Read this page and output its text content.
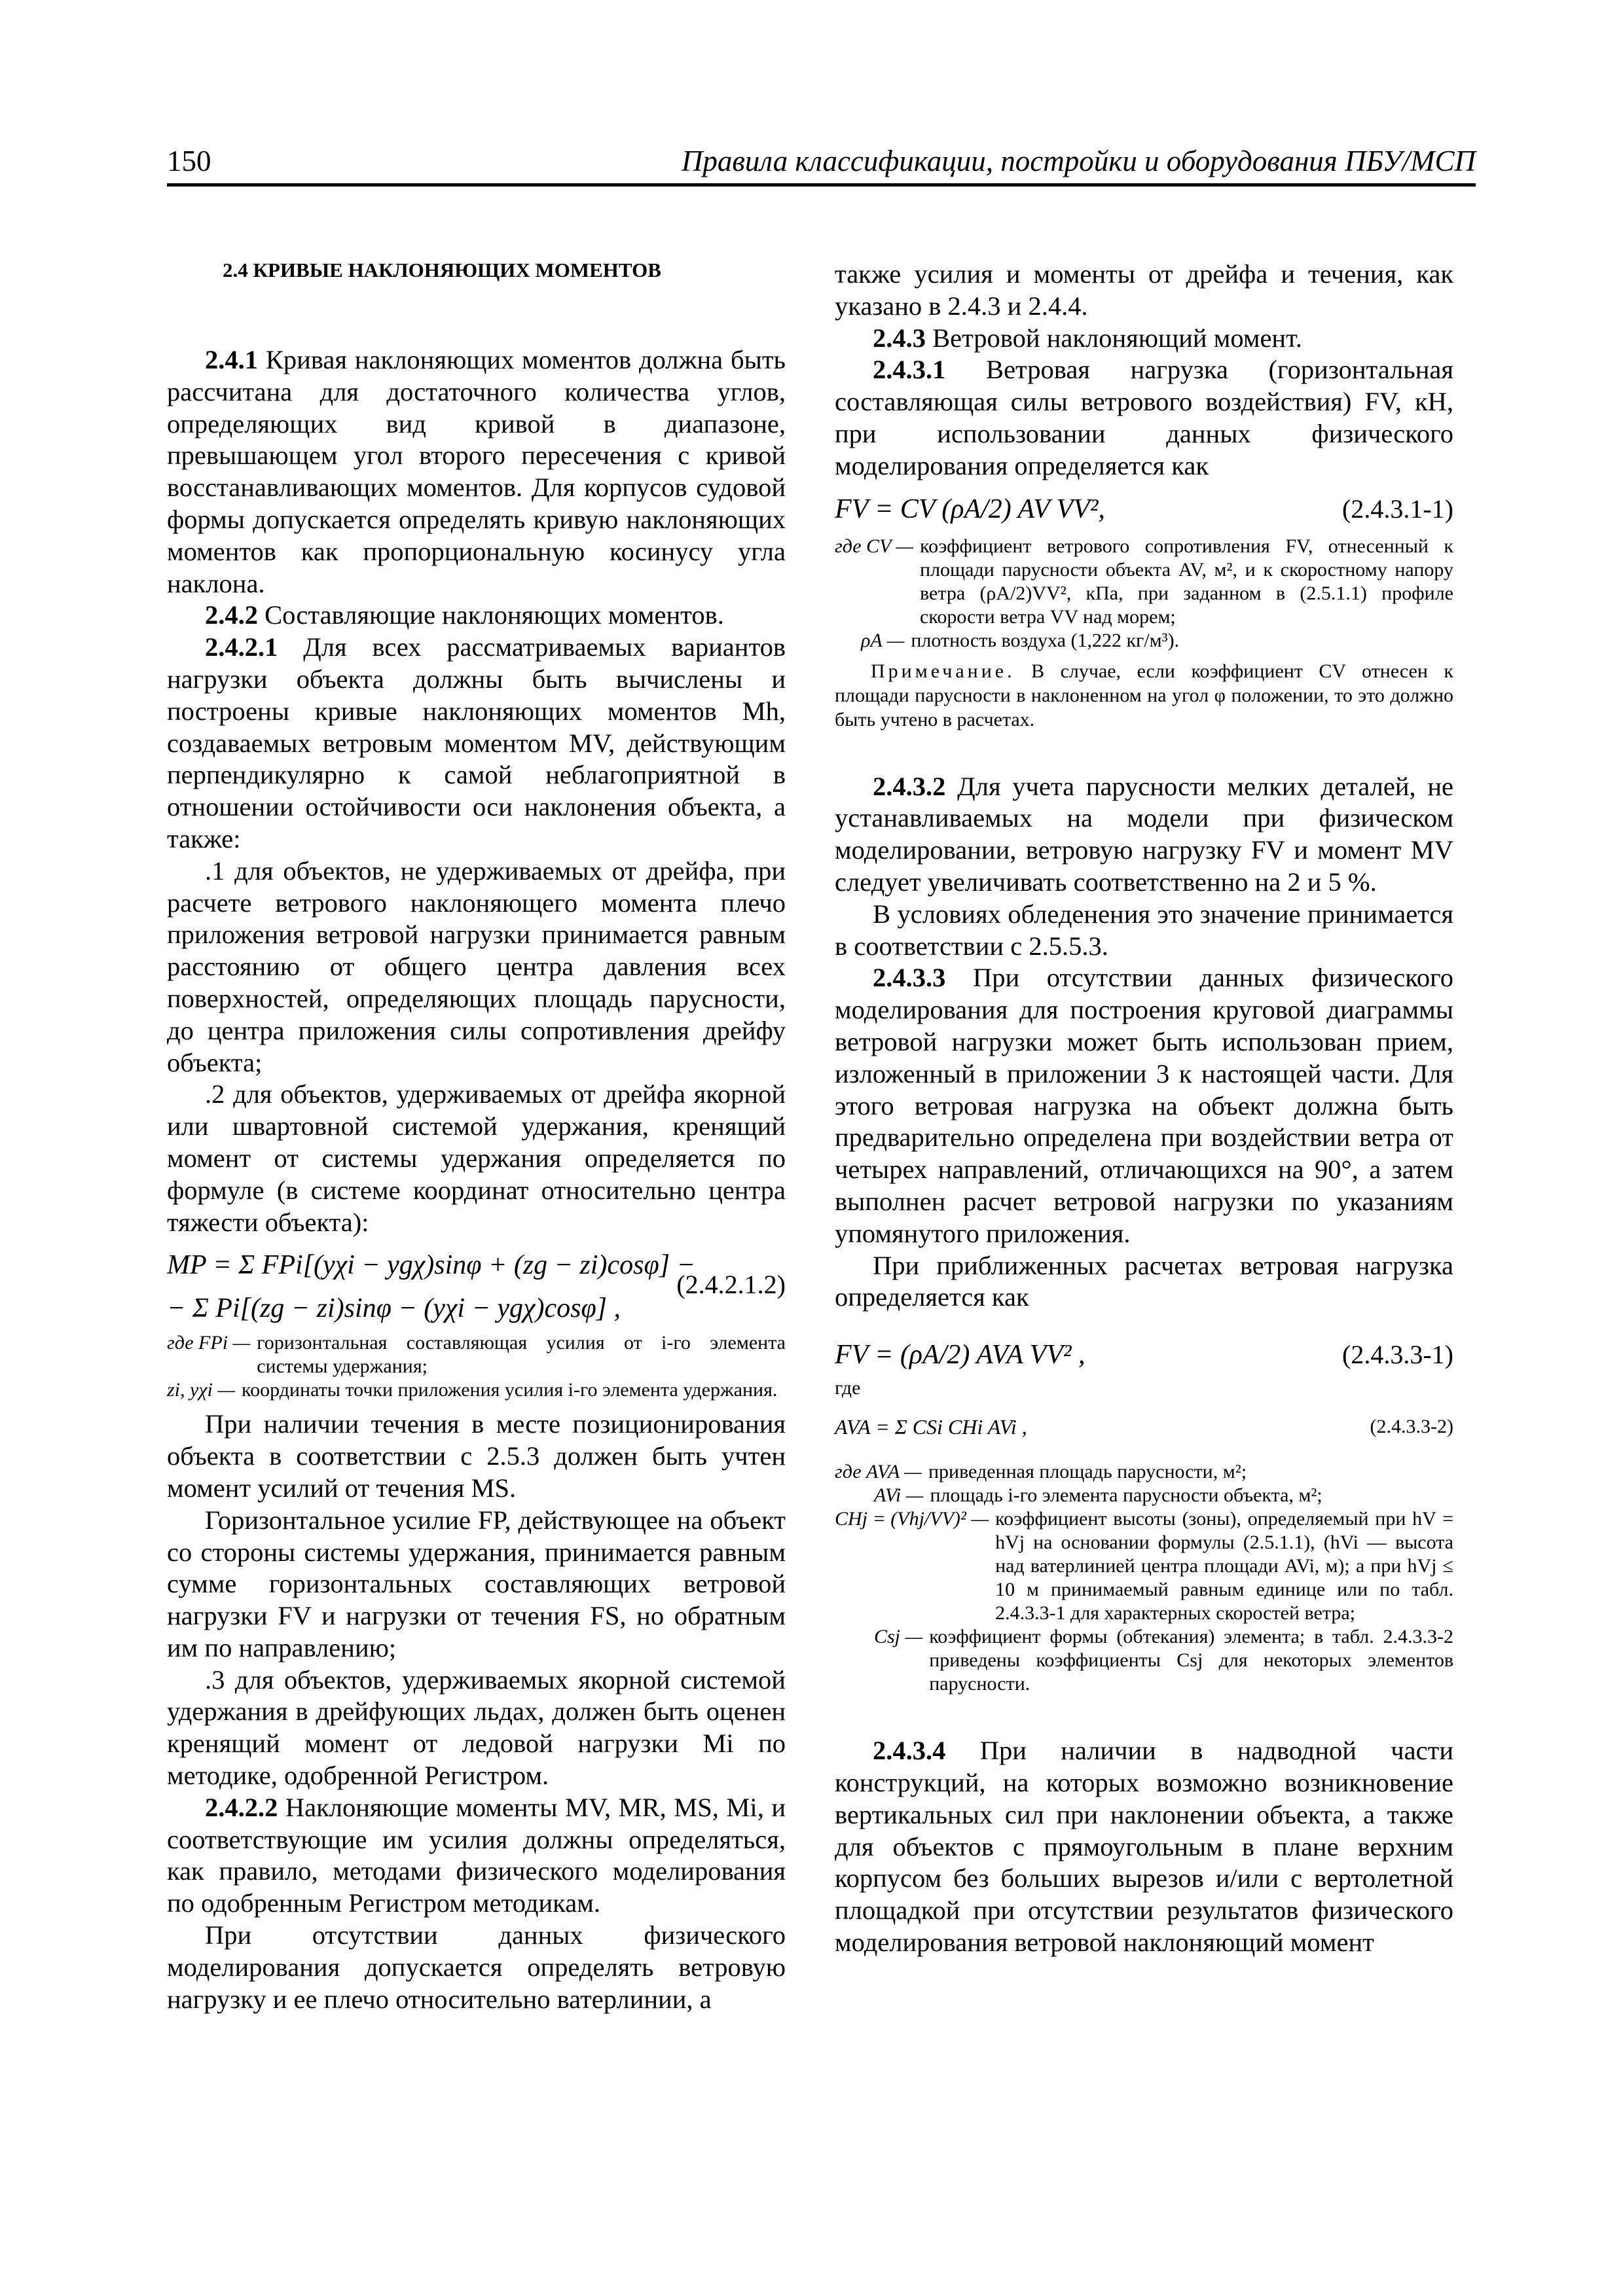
150	Правила классификации, постройки и оборудования ПБУ/МСП
2.4 КРИВЫЕ НАКЛОНЯЮЩИХ МОМЕНТОВ

2.4.1 Кривая наклоняющих моментов должна быть рассчитана для достаточного количества углов, определяющих вид кривой в диапазоне, превышающем угол второго пересечения с кривой восстанавливающих моментов. Для корпусов судовой формы допускается определять кривую наклоняющих моментов как пропорциональную косинусу угла наклона.

2.4.2 Составляющие наклоняющих моментов.

2.4.2.1 Для всех рассматриваемых вариантов нагрузки объекта должны быть вычислены и построены кривые наклоняющих моментов Mh, создаваемых ветровым моментом MV, действующим перпендикулярно к самой неблагоприятной в отношении остойчивости оси наклонения объекта, а также:

.1 для объектов, не удерживаемых от дрейфа, при расчете ветрового наклоняющего момента плечо приложения ветровой нагрузки принимается равным расстоянию от общего центра давления всех поверхностей, определяющих площадь парусности, до центра приложения силы сопротивления дрейфу объекта;

.2 для объектов, удерживаемых от дрейфа якорной или швартовной системой удержания, кренящий момент от системы удержания определяется по формуле (в системе координат относительно центра тяжести объекта):

MP = Σ FPi[(yχi − ygχ)sinφ + (zg − zi)cosφ] −
− Σ Pi[(zg − zi)sinφ − (yχi − ygχ)cosφ] ,
(2.4.2.1.2)
где FPi — горизонтальная составляющая усилия от i-го элемента системы удержания;
zi, yχi — координаты точки приложения усилия i-го элемента удержания.

При наличии течения в месте позиционирования объекта в соответствии с 2.5.3 должен быть учтен момент усилий от течения MS.

Горизонтальное усилие FP, действующее на объект со стороны системы удержания, принимается равным сумме горизонтальных составляющих ветровой нагрузки FV и нагрузки от течения FS, но обратным им по направлению;

.3 для объектов, удерживаемых якорной системой удержания в дрейфующих льдах, должен быть оценен кренящий момент от ледовой нагрузки Mi по методике, одобренной Регистром.

2.4.2.2 Наклоняющие моменты MV, MR, MS, Mi, и соответствующие им усилия должны определяться, как правило, методами физического моделирования по одобренным Регистром методикам.

При отсутствии данных физического моделирования допускается определять ветровую нагрузку и ее плечо относительно ватерлинии, а

также усилия и моменты от дрейфа и течения, как указано в 2.4.3 и 2.4.4.

2.4.3 Ветровой наклоняющий момент.

2.4.3.1 Ветровая нагрузка (горизонтальная составляющая силы ветрового воздействия) FV, кН, при использовании данных физического моделирования определяется как

FV = CV (ρA/2) AV VV²,	(2.4.3.1-1)
где CV — коэффициент ветрового сопротивления FV, отнесенный к площади парусности объекта AV, м², и к скоростному напору ветра (ρA/2)VV², кПа, при заданном в (2.5.1.1) профиле скорости ветра VV над морем;
ρA — плотность воздуха (1,222 кг/м³).

Примечание. В случае, если коэффициент CV отнесен к площади парусности в наклоненном на угол φ положении, то это должно быть учтено в расчетах.

2.4.3.2 Для учета парусности мелких деталей, не устанавливаемых на модели при физическом моделировании, ветровую нагрузку FV и момент MV следует увеличивать соответственно на 2 и 5 %.

В условиях обледенения это значение принимается в соответствии с 2.5.5.3.

2.4.3.3 При отсутствии данных физического моделирования для построения круговой диаграммы ветровой нагрузки может быть использован прием, изложенный в приложении 3 к настоящей части. Для этого ветровая нагрузка на объект должна быть предварительно определена при воздействии ветра от четырех направлений, отличающихся на 90°, а затем выполнен расчет ветровой нагрузки по указаниям упомянутого приложения.

При приближенных расчетах ветровая нагрузка определяется как

FV = (ρA/2) AVA VV² ,	(2.4.3.3-1)

где

AVA = Σ CSi CHi AVi ,	(2.4.3.3-2)
где AVA — приведенная площадь парусности, м²;
AVi — площадь i-го элемента парусности объекта, м²;
CHj = (Vhj/VV)² — коэффициент высоты (зоны), определяемый при hV = hVj на основании формулы (2.5.1.1), (hVi — высота над ватерлинией центра площади AVi, м); а при hVj ≤ 10 м принимаемый равным единице или по табл. 2.4.3.3-1 для характерных скоростей ветра;
Csj — коэффициент формы (обтекания) элемента; в табл. 2.4.3.3-2 приведены коэффициенты Csj для некоторых элементов парусности.

2.4.3.4 При наличии в надводной части конструкций, на которых возможно возникновение вертикальных сил при наклонении объекта, а также для объектов с прямоугольным в плане верхним корпусом без больших вырезов и/или с вертолетной площадкой при отсутствии результатов физического моделирования ветровой наклоняющий момент
